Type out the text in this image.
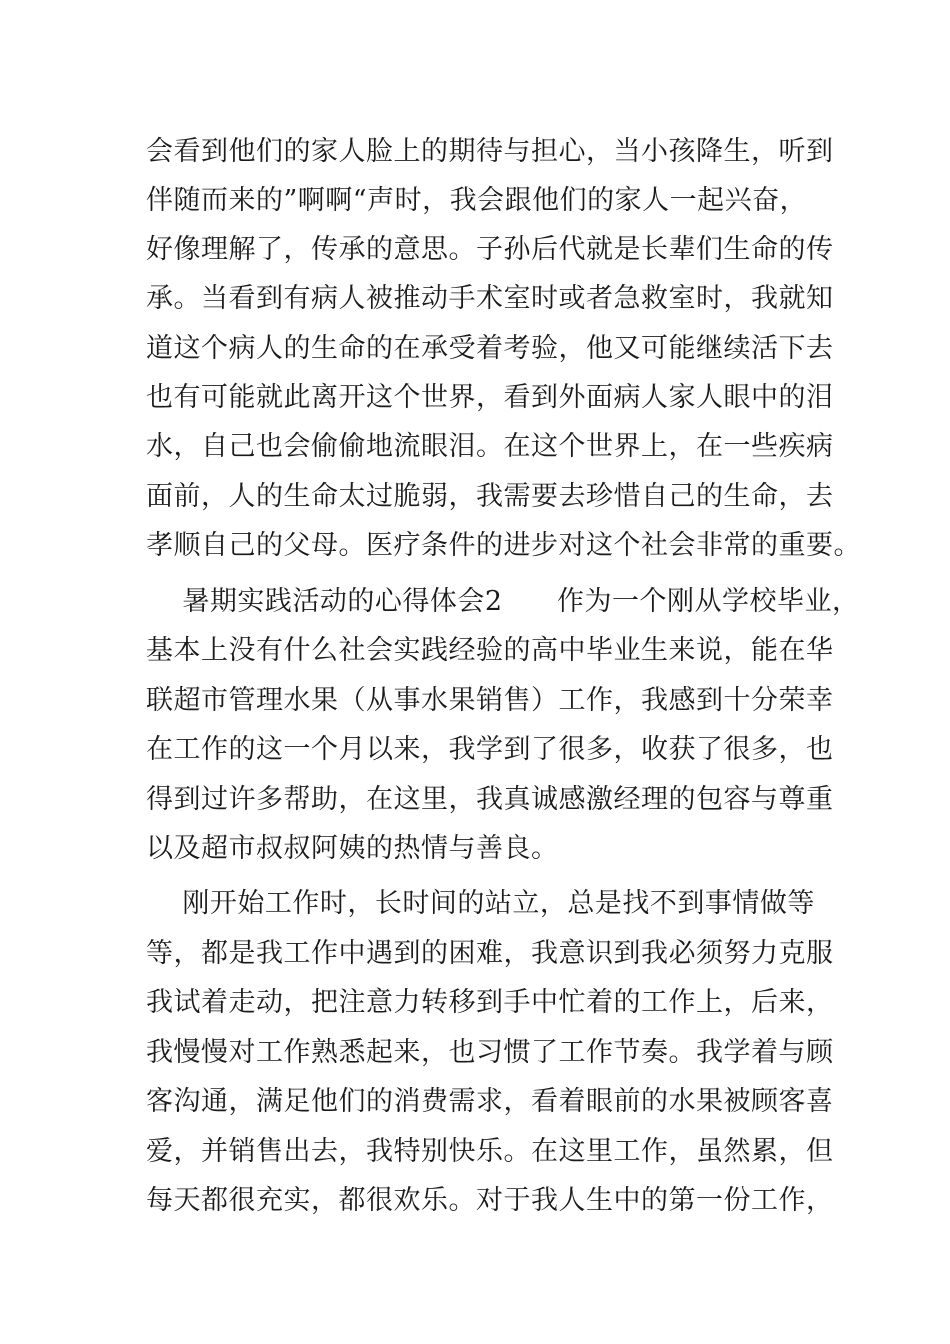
会看到他们的家人脸上的期待与担心，当小孩降生，听到
伴随而来的”啊啊“声时，我会跟他们的家人一起兴奋，
好像理解了，传承的意思。子孙后代就是长辈们生命的传
承。当看到有病人被推动手术室时或者急救室时，我就知
道这个病人的生命的在承受着考验，他又可能继续活下去
也有可能就此离开这个世界，看到外面病人家人眼中的泪
水，自己也会偷偷地流眼泪。在这个世界上，在一些疾病
面前，人的生命太过脆弱，我需要去珍惜自己的生命，去
孝顺自己的父母。医疗条件的进步对这个社会非常的重要。
暑期实践活动的心得体会2      作为一个刚从学校毕业，
基本上没有什么社会实践经验的高中毕业生来说，能在华
联超市管理水果（从事水果销售）工作，我感到十分荣幸
在工作的这一个月以来，我学到了很多，收获了很多，也
得到过许多帮助，在这里，我真诚感激经理的包容与尊重
以及超市叔叔阿姨的热情与善良。
刚开始工作时，长时间的站立，总是找不到事情做等
等，都是我工作中遇到的困难，我意识到我必须努力克服
我试着走动，把注意力转移到手中忙着的工作上，后来，
我慢慢对工作熟悉起来，也习惯了工作节奏。我学着与顾
客沟通，满足他们的消费需求，看着眼前的水果被顾客喜
爱，并销售出去，我特别快乐。在这里工作，虽然累，但
每天都很充实，都很欢乐。对于我人生中的第一份工作，
